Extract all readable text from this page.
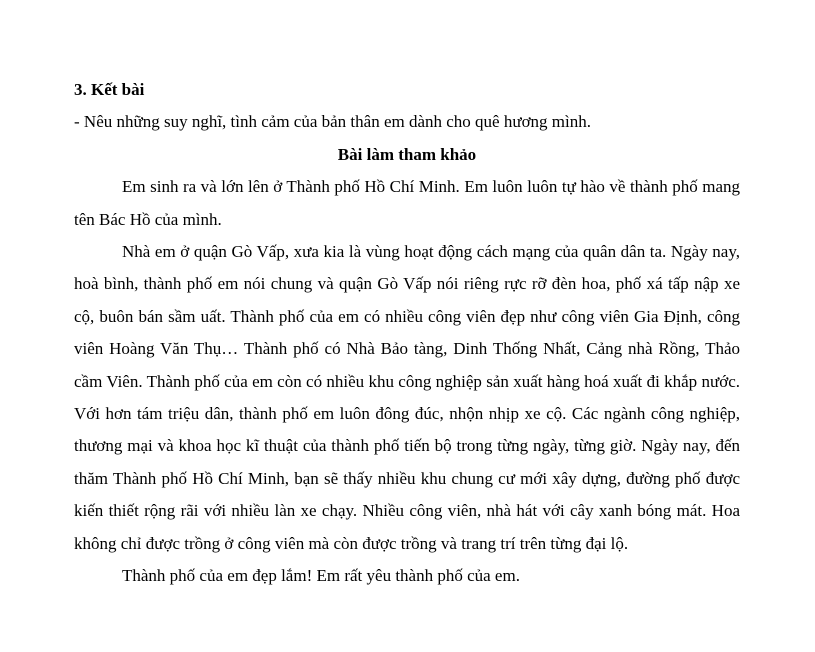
3. Kết bài

- Nêu những suy nghĩ, tình cảm của bản thân em dành cho quê hương mình.

Bài làm tham khảo

Em sinh ra và lớn lên ở Thành phố Hồ Chí Minh. Em luôn luôn tự hào về thành phố mang tên Bác Hồ của mình.

Nhà em ở quận Gò Vấp, xưa kia là vùng hoạt động cách mạng của quân dân ta. Ngày nay, hoà bình, thành phố em nói chung và quận Gò Vấp nói riêng rực rỡ đèn hoa, phố xá tấp nập xe cộ, buôn bán sầm uất. Thành phố của em có nhiều công viên đẹp như công viên Gia Định, công viên Hoàng Văn Thụ… Thành phố có Nhà Bảo tàng, Dinh Thống Nhất, Cảng nhà Rồng, Thảo cầm Viên. Thành phố của em còn có nhiều khu công nghiệp sản xuất hàng hoá xuất đi khắp nước. Với hơn tám triệu dân, thành phố em luôn đông đúc, nhộn nhịp xe cộ. Các ngành công nghiệp, thương mại và khoa học kĩ thuật của thành phố tiến bộ trong từng ngày, từng giờ. Ngày nay, đến thăm Thành phố Hồ Chí Minh, bạn sẽ thấy nhiều khu chung cư mới xây dựng, đường phố được kiến thiết rộng rãi với nhiều làn xe chạy. Nhiều công viên, nhà hát với cây xanh bóng mát. Hoa không chỉ được trồng ở công viên mà còn được trồng và trang trí trên từng đại lộ.

Thành phố của em đẹp lắm! Em rất yêu thành phố của em.
